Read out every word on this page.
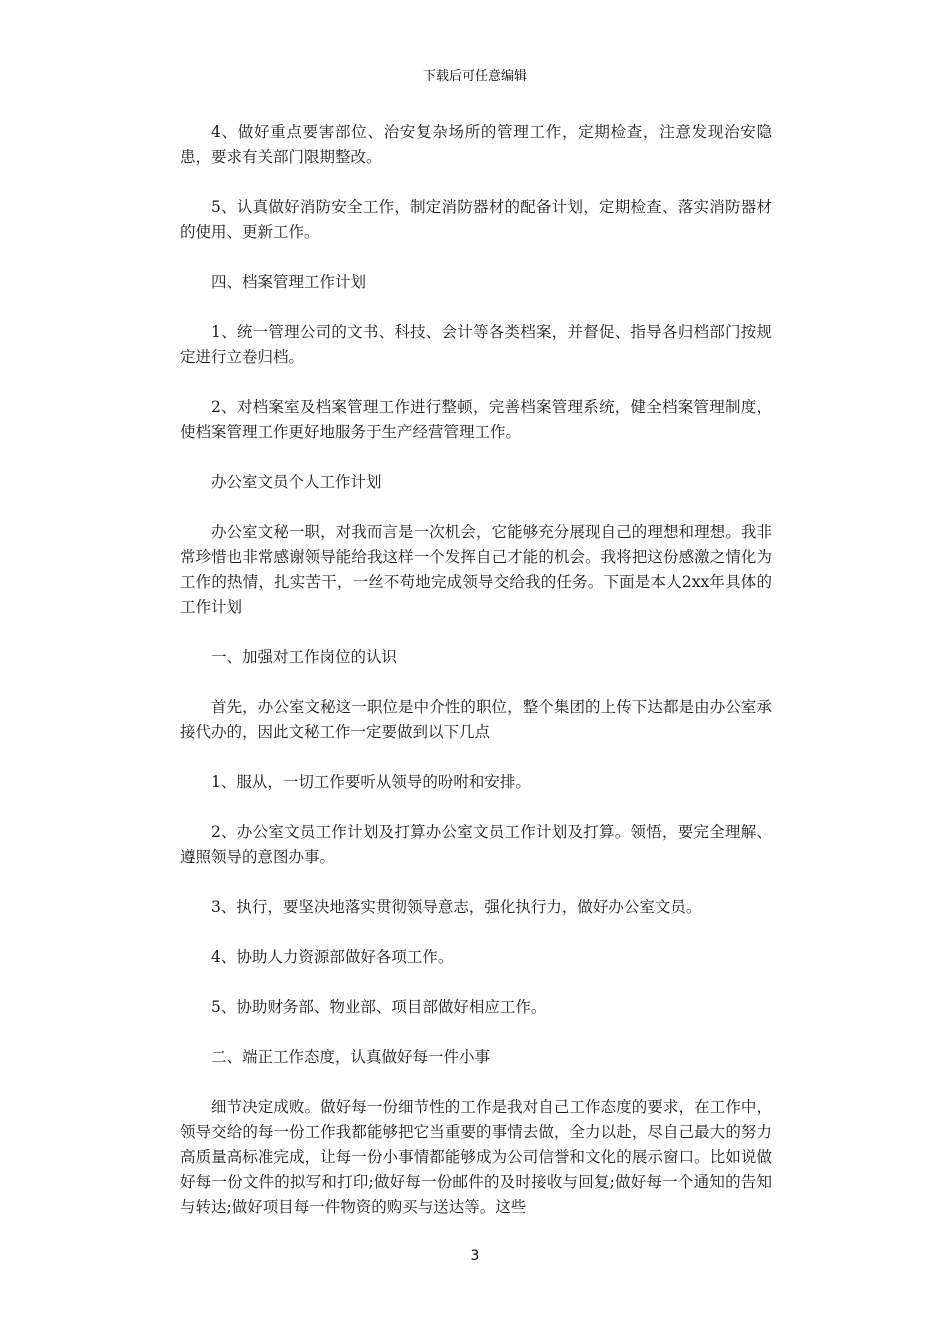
下载后可任意编辑

4、做好重点要害部位、治安复杂场所的管理工作，定期检查，注意发现治安隐患，要求有关部门限期整改。

5、认真做好消防安全工作，制定消防器材的配备计划，定期检查、落实消防器材的使用、更新工作。

四、档案管理工作计划

1、统一管理公司的文书、科技、会计等各类档案，并督促、指导各归档部门按规定进行立卷归档。

2、对档案室及档案管理工作进行整顿，完善档案管理系统，健全档案管理制度，使档案管理工作更好地服务于生产经营管理工作。

办公室文员个人工作计划

办公室文秘一职，对我而言是一次机会，它能够充分展现自己的理想和理想。我非常珍惜也非常感谢领导能给我这样一个发挥自己才能的机会。我将把这份感激之情化为工作的热情，扎实苦干，一丝不苟地完成领导交给我的任务。下面是本人2xx年具体的工作计划

一、加强对工作岗位的认识

首先，办公室文秘这一职位是中介性的职位，整个集团的上传下达都是由办公室承接代办的，因此文秘工作一定要做到以下几点

1、服从，一切工作要听从领导的吩咐和安排。

2、办公室文员工作计划及打算办公室文员工作计划及打算。领悟，要完全理解、遵照领导的意图办事。

3、执行，要坚决地落实贯彻领导意志，强化执行力，做好办公室文员。

4、协助人力资源部做好各项工作。

5、协助财务部、物业部、项目部做好相应工作。

二、端正工作态度，认真做好每一件小事

细节决定成败。做好每一份细节性的工作是我对自己工作态度的要求，在工作中，领导交给的每一份工作我都能够把它当重要的事情去做，全力以赴，尽自己最大的努力高质量高标准完成，让每一份小事情都能够成为公司信誉和文化的展示窗口。比如说做好每一份文件的拟写和打印;做好每一份邮件的及时接收与回复;做好每一个通知的告知与转达;做好项目每一件物资的购买与送达等。这些

3
